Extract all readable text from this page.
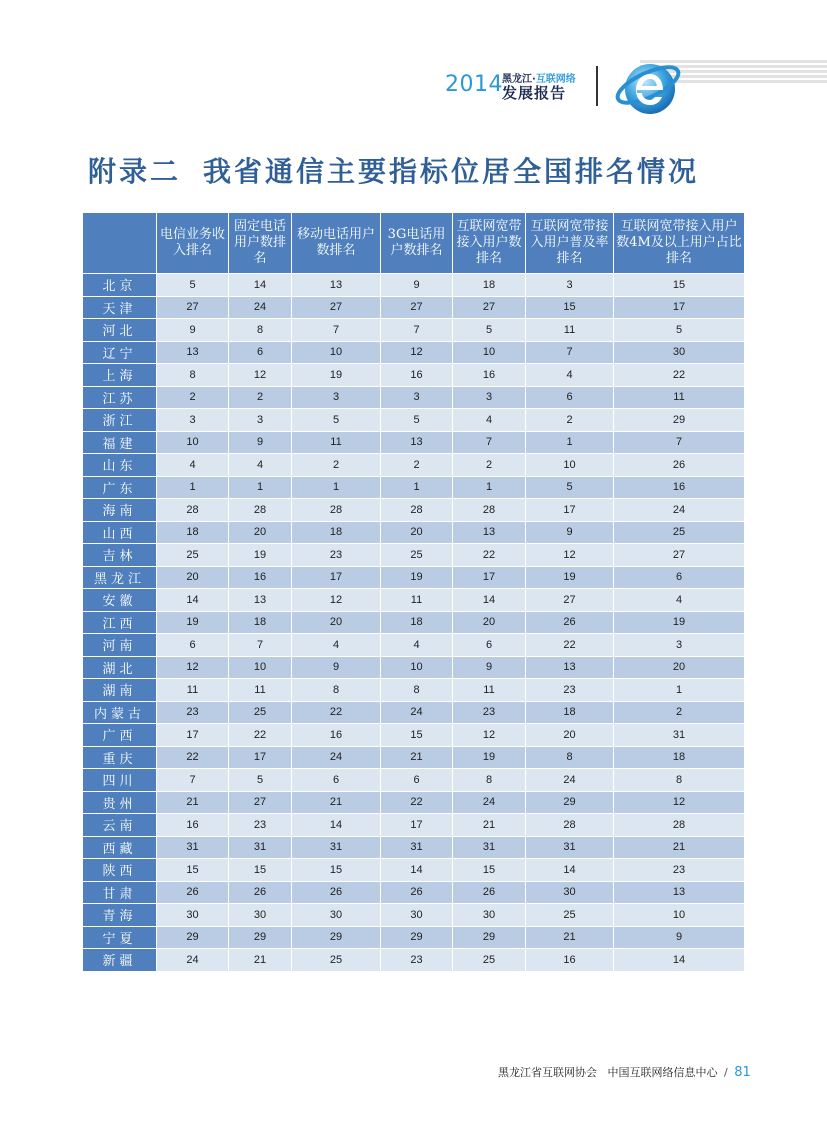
2014 黑龙江·互联网络
发展报告
附录二 我省通信主要指标位居全国排名情况
	电信业务收入排名	固定电话用户数排名	移动电话用户数排名	3G电话用户数排名	互联网宽带接入用户数排名	互联网宽带接入用户普及率排名	互联网宽带接入用户数4M及以上用户占比排名
北京	5	14	13	9	18	3	15
天津	27	24	27	27	27	15	17
河北	9	8	7	7	5	11	5
辽宁	13	6	10	12	10	7	30
上海	8	12	19	16	16	4	22
江苏	2	2	3	3	3	6	11
浙江	3	3	5	5	4	2	29
福建	10	9	11	13	7	1	7
山东	4	4	2	2	2	10	26
广东	1	1	1	1	1	5	16
海南	28	28	28	28	28	17	24
山西	18	20	18	20	13	9	25
吉林	25	19	23	25	22	12	27
黑龙江	20	16	17	19	17	19	6
安徽	14	13	12	11	14	27	4
江西	19	18	20	18	20	26	19
河南	6	7	4	4	6	22	3
湖北	12	10	9	10	9	13	20
湖南	11	11	8	8	11	23	1
内蒙古	23	25	22	24	23	18	2
广西	17	22	16	15	12	20	31
重庆	22	17	24	21	19	8	18
四川	7	5	6	6	8	24	8
贵州	21	27	21	22	24	29	12
云南	16	23	14	17	21	28	28
西藏	31	31	31	31	31	31	21
陕西	15	15	15	14	15	14	23
甘肃	26	26	26	26	26	30	13
青海	30	30	30	30	30	25	10
宁夏	29	29	29	29	29	21	9
新疆	24	21	25	23	25	16	14
黑龙江省互联网协会 中国互联网络信息中心 / 81
